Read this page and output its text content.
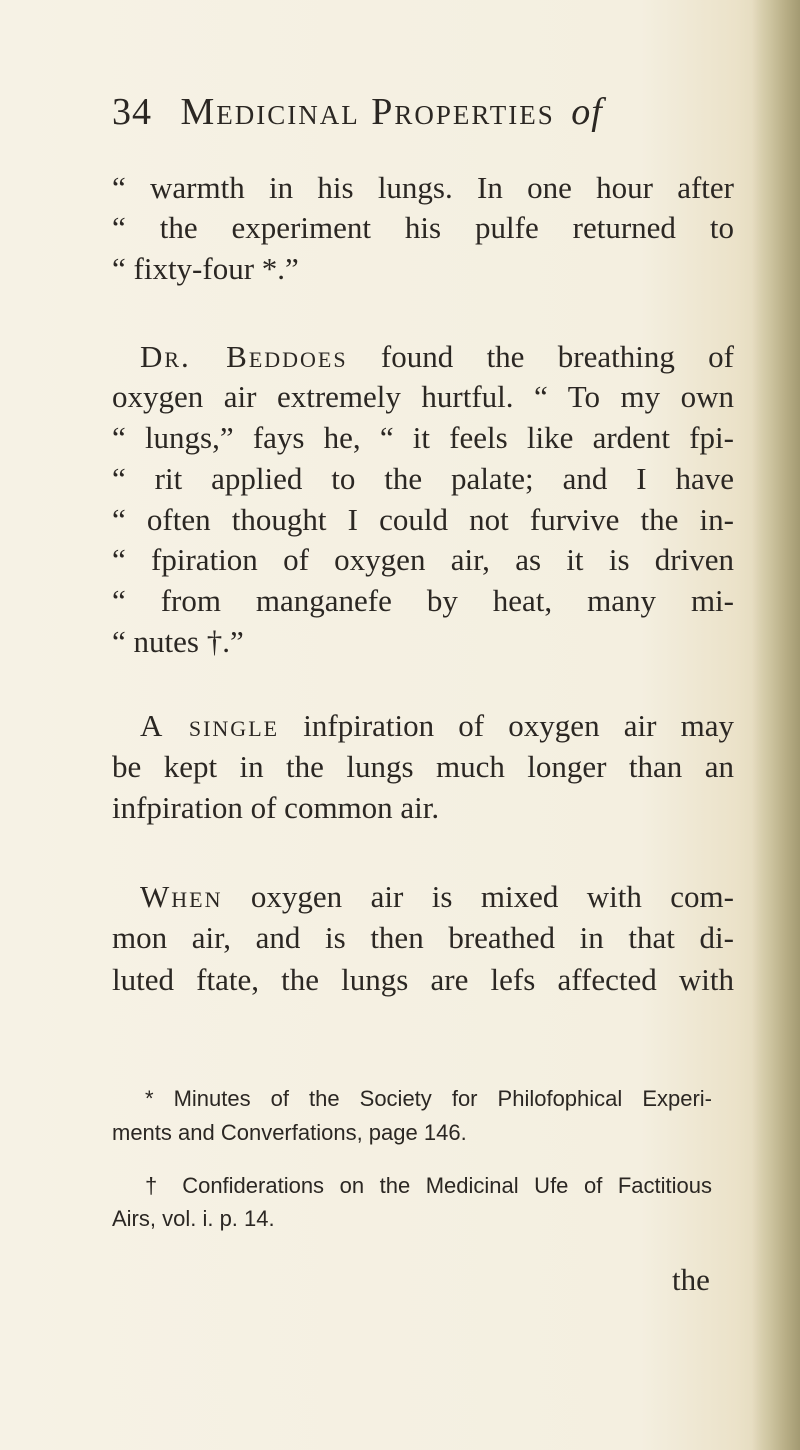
34 Medicinal Properties of
“ warmth in his lungs. In one hour after
“ the experiment his pulfe returned to
“ fixty-four *.”
Dr. Beddoes found the breathing of
oxygen air extremely hurtful. “ To my own
“ lungs,” fays he, “ it feels like ardent fpi-
“ rit applied to the palate; and I have
“ often thought I could not furvive the in-
“ fpiration of oxygen air, as it is driven
“ from manganefe by heat, many mi-
“ nutes †.”
A single infpiration of oxygen air may
be kept in the lungs much longer than an
infpiration of common air.
When oxygen air is mixed with com-
mon air, and is then breathed in that di-
luted ftate, the lungs are lefs affected with
* Minutes of the Society for Philofophical Experi-
ments and Converfations, page 146.
† Confiderations on the Medicinal Ufe of Factitious
Airs, vol. i. p. 14.
the
